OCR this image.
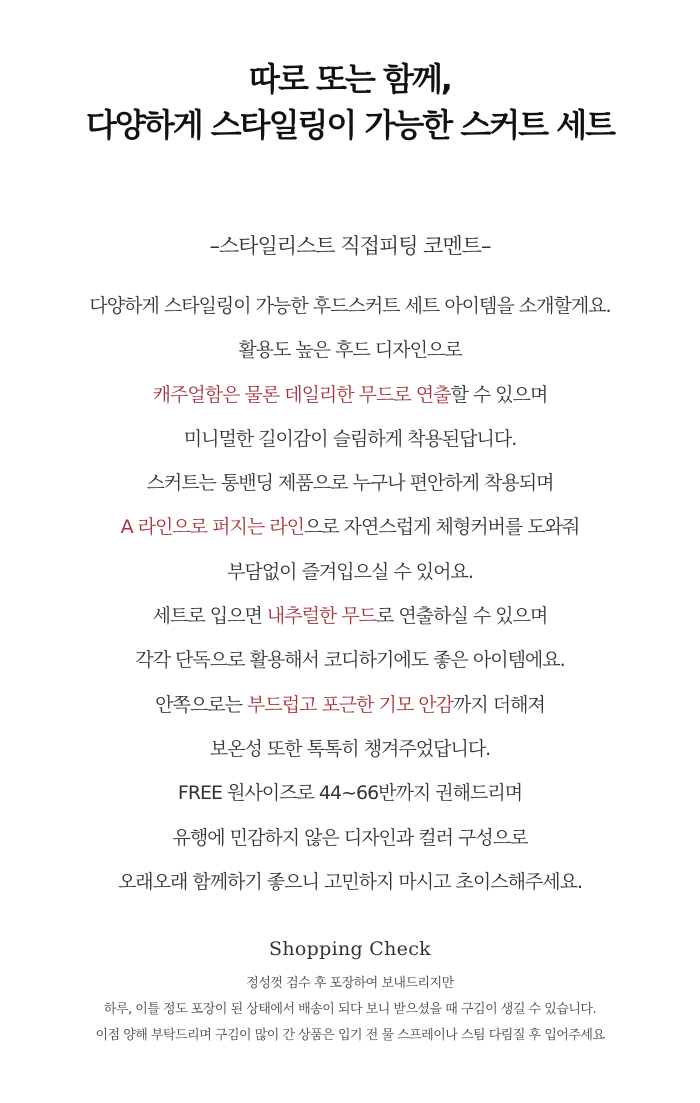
따로 또는 함께,
다양하게 스타일링이 가능한 스커트 세트
–스타일리스트 직접피팅 코멘트–
다양하게 스타일링이 가능한 후드스커트 세트 아이템을 소개할게요.
활용도 높은 후드 디자인으로
캐주얼함은 물론 데일리한 무드로 연출할 수 있으며
미니멀한 길이감이 슬림하게 착용된답니다.
스커트는 통밴딩 제품으로 누구나 편안하게 착용되며
A 라인으로 퍼지는 라인으로 자연스럽게 체형커버를 도와줘
부담없이 즐겨입으실 수 있어요.
세트로 입으면 내추럴한 무드로 연출하실 수 있으며
각각 단독으로 활용해서 코디하기에도 좋은 아이템에요.
안쪽으로는 부드럽고 포근한 기모 안감까지 더해져
보온성 또한 톡톡히 챙겨주었답니다.
FREE 원사이즈로 44~66반까지 권해드리며
유행에 민감하지 않은 디자인과 컬러 구성으로
오래오래 함께하기 좋으니 고민하지 마시고 초이스해주세요.
Shopping Check
정성껏 검수 후 포장하여 보내드리지만
하루, 이틀 정도 포장이 된 상태에서 배송이 되다 보니 받으셨을 때 구김이 생길 수 있습니다.
이점 양해 부탁드리며 구김이 많이 간 상품은 입기 전 물 스프레이나 스팀 다림질 후 입어주세요
